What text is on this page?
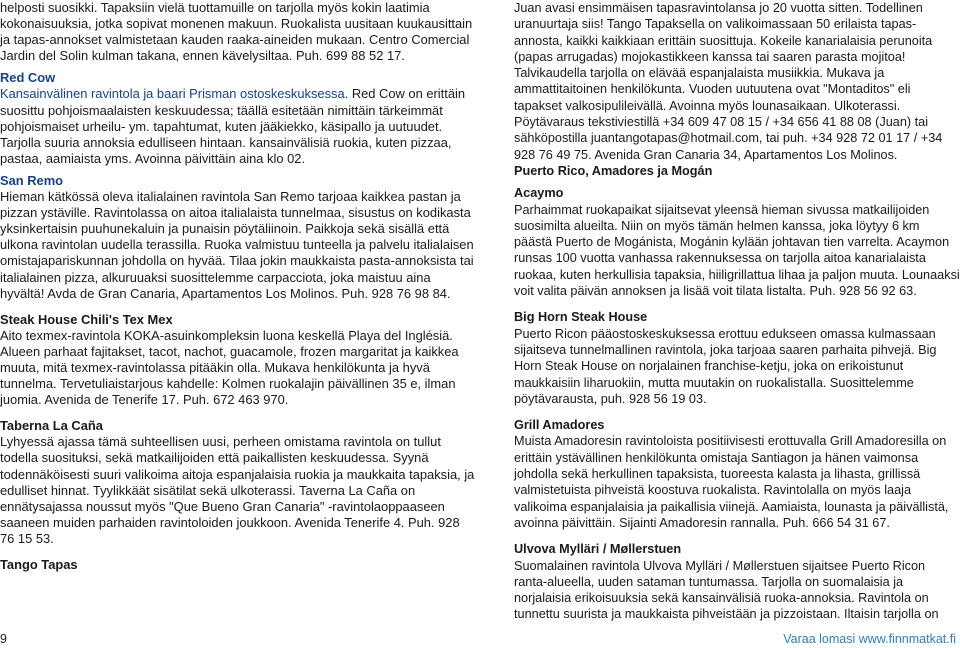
helposti suosikki. Tapaksiin vielä tuottamuille on tarjolla myös kokin laatimia kokonaisuuksia, jotka sopivat monenen makuun. Ruokalista uusitaan kuukausittain ja tapas-annokset valmistetaan kauden raaka-aineiden mukaan. Centro Comercial Jardin del Solin kulman takana, ennen kävelysiltaa. Puh. 699 88 52 17.

Red Cow

Kansainvälinen ravintola ja baari Prisman ostoskeskuksessa. Red Cow on erittäin suosittu pohjoismaalaisten keskuudessa; täällä esitetään nimittäin tärkeimmät pohjoismaiset urheilu- ym. tapahtumat, kuten jääkiekko, käsipallo ja uutuudet. Tarjolla suuria annoksia edulliseen hintaan. kansainvälisiä ruokia, kuten pizzaa, pastaa, aamiaista yms. Avoinna päivittäin aina klo 02.

San Remo

Hieman kätkössä oleva italialainen ravintola San Remo tarjoaa kaikkea pastan ja pizzan ystäville. Ravintolassa on aitoa italialaista tunnelmaa, sisustus on kodikasta yksinkertaisin puuhunekaluin ja punaisin pöytäliinoin. Paikkoja sekä sisällä että ulkona ravintolan uudella terassilla. Ruoka valmistuu tunteella ja palvelu italialaisen omistajapariskunnan johdolla on hyvää. Tilaa jokin maukkaista pasta-annoksista tai italialainen pizza, alkuruuaksi suosittelemme carpacciota, joka maistuu aina hyvältä! Avda de Gran Canaria, Apartamentos Los Molinos. Puh. 928 76 98 84.

Steak House Chili's Tex Mex

Aito texmex-ravintola KOKA-asuinkompleksin luona keskellä Playa del Inglésiä. Alueen parhaat fajitakset, tacot, nachot, guacamole, frozen margaritat ja kaikkea muuta, mitä texmex-ravintolassa pitääkin olla. Mukava henkilökunta ja hyvä tunnelma. Tervetuliaistarjous kahdelle: Kolmen ruokalajin päivällinen 35 e, ilman juomia. Avenida de Tenerife 17. Puh. 672 463 970.

Taberna La Caña

Lyhyessä ajassa tämä suhteellisen uusi, perheen omistama ravintola on tullut todella suosituksi, sekä matkailijoiden että paikallisten keskuudessa. Syynä todennäköisesti suuri valikoima aitoja espanjalaisia ruokia ja maukkaita tapaksia, ja edulliset hinnat. Tyylikkäät sisätilat sekä ulkoterassi. Taverna La Caña on ennätysajassa noussut myös "Que Bueno Gran Canaria" -ravintolaoppaaseen saaneen muiden parhaiden ravintoloiden joukkoon. Avenida Tenerife 4. Puh. 928 76 15 53.

Tango Tapas

Juan avasi ensimmäisen tapasravintolansa jo 20 vuotta sitten. Todellinen uranuurtaja siis! Tango Tapaksella on valikoimassaan 50 erilaista tapas-annosta, kaikki kaikkiaan erittäin suosittuja. Kokeile kanarialaisia perunoita (papas arrugadas) mojokastikkeen kanssa tai saaren parasta mojitoa! Talvikaudella tarjolla on elävää espanjalaista musiikkia. Mukava ja ammattitaitoinen henkilökunta. Vuoden uutuutena ovat "Montaditos" eli tapakset valkosipulileivällä. Avoinna myös lounasaikaan. Ulkoterassi. Pöytävaraus tekstiviestillä +34 609 47 08 15 / +34 656 41 88 08 (Juan) tai sähköpostilla juantangotapas@hotmail.com, tai puh. +34 928 72 01 17 / +34 928 76 49 75. Avenida Gran Canaria 34, Apartamentos Los Molinos.

Puerto Rico, Amadores ja Mogán

Acaymo

Parhaimmat ruokapaikat sijaitsevat yleensä hieman sivussa matkailijoiden suosimilta alueilta. Niin on myös tämän helmen kanssa, joka löytyy 6 km päästä Puerto de Mogánista, Mogánin kylään johtavan tien varrelta. Acaymon runsas 100 vuotta vanhassa rakennuksessa on tarjolla aitoa kanarialaista ruokaa, kuten herkullisia tapaksia, hiiligrillattua lihaa ja paljon muuta. Lounaaksi voit valita päivän annoksen ja lisää voit tilata listalta. Puh. 928 56 92 63.

Big Horn Steak House

Puerto Ricon pääostoskeskuksessa erottuu edukseen omassa kulmassaan sijaitseva tunnelmallinen ravintola, joka tarjoaa saaren parhaita pihvejä. Big Horn Steak House on norjalainen franchise-ketju, joka on erikoistunut maukkaisiin liharuokiin, mutta muutakin on ruokalistalla. Suosittelemme pöytävarausta, puh. 928 56 19 03.

Grill Amadores

Muista Amadoresin ravintoloista positiivisesti erottuvalla Grill Amadoresilla on erittäin ystävällinen henkilökunta omistaja Santiagon ja hänen vaimonsa johdolla sekä herkullinen tapaksista, tuoreesta kalasta ja lihasta, grillissä valmistetuista pihveistä koostuva ruokalista. Ravintolalla on myös laaja valikoima espanjalaisia ja paikallisia viinejä. Aamiaista, lounasta ja päivällistä, avoinna päivittäin. Sijainti Amadoresin rannalla. Puh. 666 54 31 67.

Ulvova Mylläri / Møllerstuen

Suomalainen ravintola Ulvova Mylläri / Møllerstuen sijaitsee Puerto Ricon ranta-alueella, uuden sataman tuntumassa. Tarjolla on suomalaisia ja norjalaisia erikoisuuksia sekä kansainvälisiä ruoka-annoksia. Ravintola on tunnettu suurista ja maukkaista pihveistään ja pizzoistaan. Iltaisin tarjolla on

9	Varaa lomasi www.finnmatkat.fi
